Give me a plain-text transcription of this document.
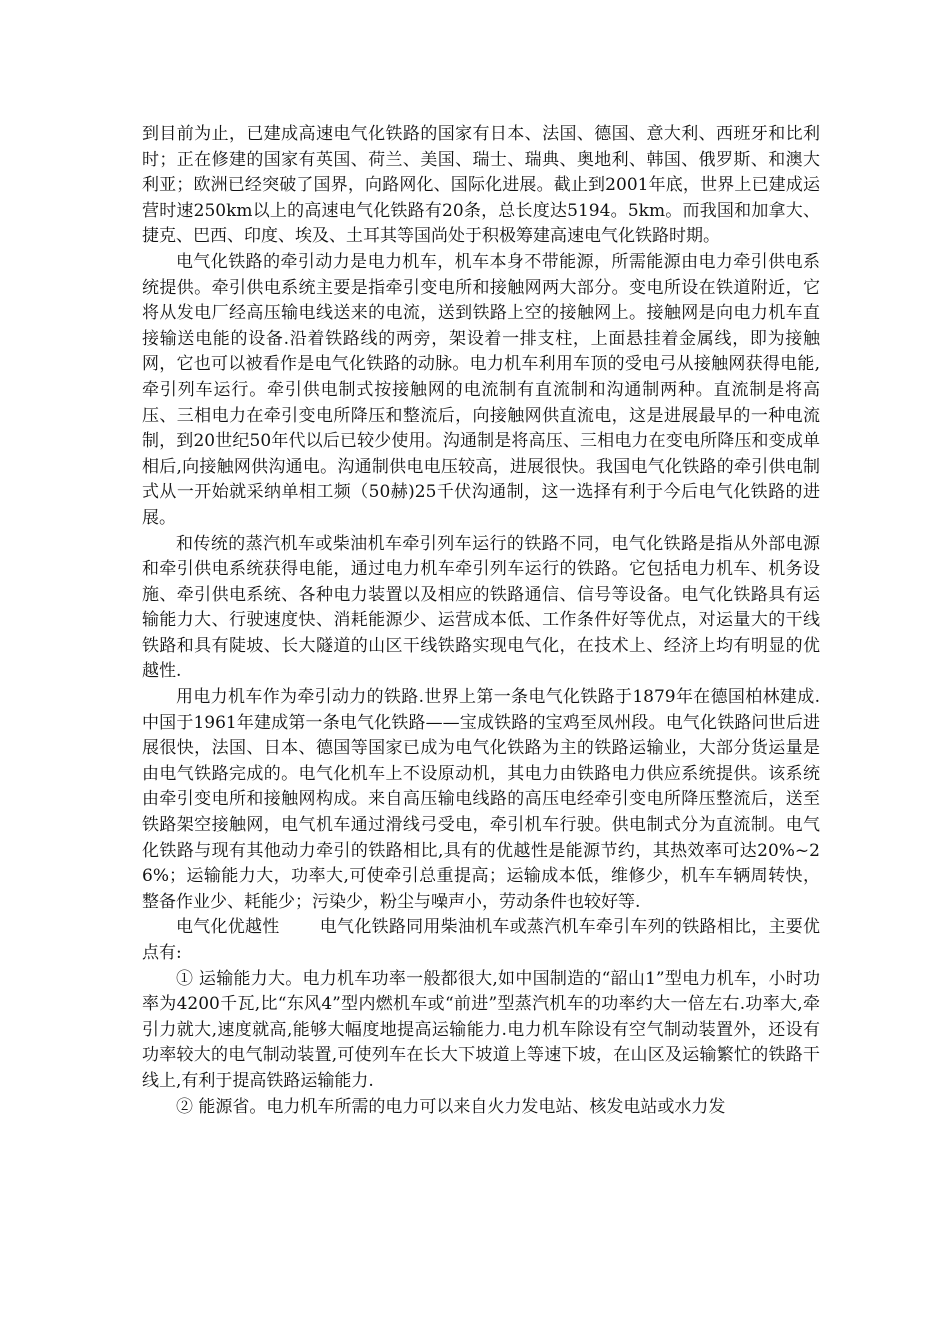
到目前为止，已建成高速电气化铁路的国家有日本、法国、德国、意大利、西班牙和比利时；正在修建的国家有英国、荷兰、美国、瑞士、瑞典、奥地利、韩国、俄罗斯、和澳大利亚；欧洲已经突破了国界，向路网化、国际化进展。截止到2001年底，世界上已建成运营时速250km以上的高速电气化铁路有20条，总长度达5194。5km。而我国和加拿大、捷克、巴西、印度、埃及、土耳其等国尚处于积极筹建高速电气化铁路时期。

电气化铁路的牵引动力是电力机车，机车本身不带能源，所需能源由电力牵引供电系统提供。牵引供电系统主要是指牵引变电所和接触网两大部分。变电所设在铁道附近，它将从发电厂经高压输电线送来的电流，送到铁路上空的接触网上。接触网是向电力机车直接输送电能的设备.沿着铁路线的两旁，架设着一排支柱，上面悬挂着金属线，即为接触网，它也可以被看作是电气化铁路的动脉。电力机车利用车顶的受电弓从接触网获得电能,牵引列车运行。牵引供电制式按接触网的电流制有直流制和沟通制两种。直流制是将高压、三相电力在牵引变电所降压和整流后，向接触网供直流电，这是进展最早的一种电流制，到20世纪50年代以后已较少使用。沟通制是将高压、三相电力在变电所降压和变成单相后,向接触网供沟通电。沟通制供电电压较高，进展很快。我国电气化铁路的牵引供电制式从一开始就采纳单相工频（50赫)25千伏沟通制，这一选择有利于今后电气化铁路的进展。

和传统的蒸汽机车或柴油机车牵引列车运行的铁路不同，电气化铁路是指从外部电源和牵引供电系统获得电能，通过电力机车牵引列车运行的铁路。它包括电力机车、机务设施、牵引供电系统、各种电力装置以及相应的铁路通信、信号等设备。电气化铁路具有运输能力大、行驶速度快、消耗能源少、运营成本低、工作条件好等优点，对运量大的干线铁路和具有陡坡、长大隧道的山区干线铁路实现电气化，在技术上、经济上均有明显的优越性.

用电力机车作为牵引动力的铁路.世界上第一条电气化铁路于1879年在德国柏林建成.中国于1961年建成第一条电气化铁路——宝成铁路的宝鸡至凤州段。电气化铁路问世后进展很快，法国、日本、德国等国家已成为电气化铁路为主的铁路运输业，大部分货运量是由电气铁路完成的。电气化机车上不设原动机，其电力由铁路电力供应系统提供。该系统由牵引变电所和接触网构成。来自高压输电线路的高压电经牵引变电所降压整流后，送至铁路架空接触网，电气机车通过滑线弓受电，牵引机车行驶。供电制式分为直流制。电气化铁路与现有其他动力牵引的铁路相比,具有的优越性是能源节约，其热效率可达20%~26%；运输能力大，功率大,可使牵引总重提高；运输成本低，维修少，机车车辆周转快，整备作业少、耗能少；污染少，粉尘与噪声小，劳动条件也较好等.

电气化优越性 电气化铁路同用柴油机车或蒸汽机车牵引车列的铁路相比，主要优点有:

① 运输能力大。电力机车功率一般都很大,如中国制造的“韶山1”型电力机车，小时功率为4200千瓦,比“东风4”型内燃机车或“前进”型蒸汽机车的功率约大一倍左右.功率大,牵引力就大,速度就高,能够大幅度地提高运输能力.电力机车除设有空气制动装置外，还设有功率较大的电气制动装置,可使列车在长大下坡道上等速下坡，在山区及运输繁忙的铁路干线上,有利于提高铁路运输能力.

② 能源省。电力机车所需的电力可以来自火力发电站、核发电站或水力发
